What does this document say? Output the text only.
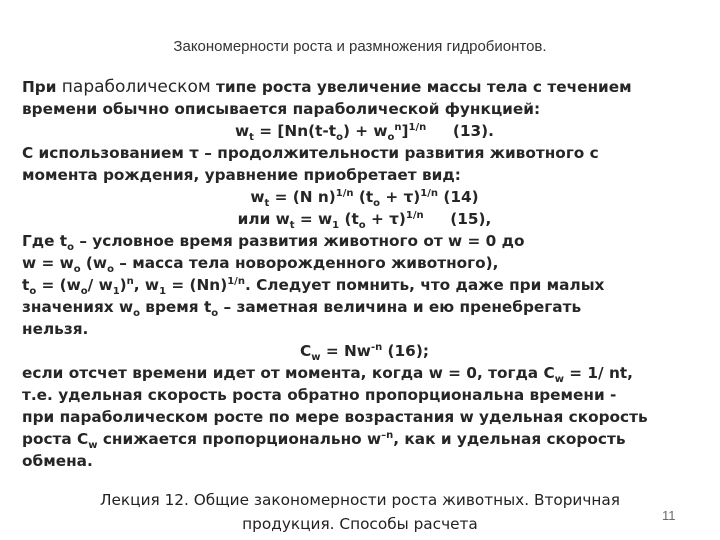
Закономерности роста и размножения гидробионтов.
При параболическом типе роста увеличение массы тела с течением
времени обычно описывается параболической функцией:
$w_t = [Nn(t-t_o) + w_o^n]^{1/n}$     (13).
С использованием τ – продолжительности развития животного с
момента рождения, уравнение приобретает вид:
$w_t = (N$ n)$^{1/n}$ $(t_o + \tau)^{1/n}$ (14)
или $w_t = w_1$ $(t_o + \tau)^{1/n}$     (15),
Где $t_o$ – условное время развития животного от w = 0 до
$w = w_o$ ($w_o$ – масса тела новорожденного животного),
$t_o = (w_o/$ $w_1)^n$, $w_1 = (Nn)^{1/n}$. Следует помнить, что даже при малых
значениях $w_o$ время $t_o$ – заметная величина и ею пренебрегать
нельзя.
$C_w = Nw^{-n}$ (16);
если отсчет времени идет от момента, когда w = 0, тогда $C_w = 1/$ nt,
т.е. удельная скорость роста обратно пропорциональна времени -
при параболическом росте по мере возрастания w удельная скорость
роста $C_w$ снижается пропорционально $w^{-n}$, как и удельная скорость
обмена.
Лекция 12. Общие закономерности роста животных. Вторичная
продукция. Способы расчета	11
